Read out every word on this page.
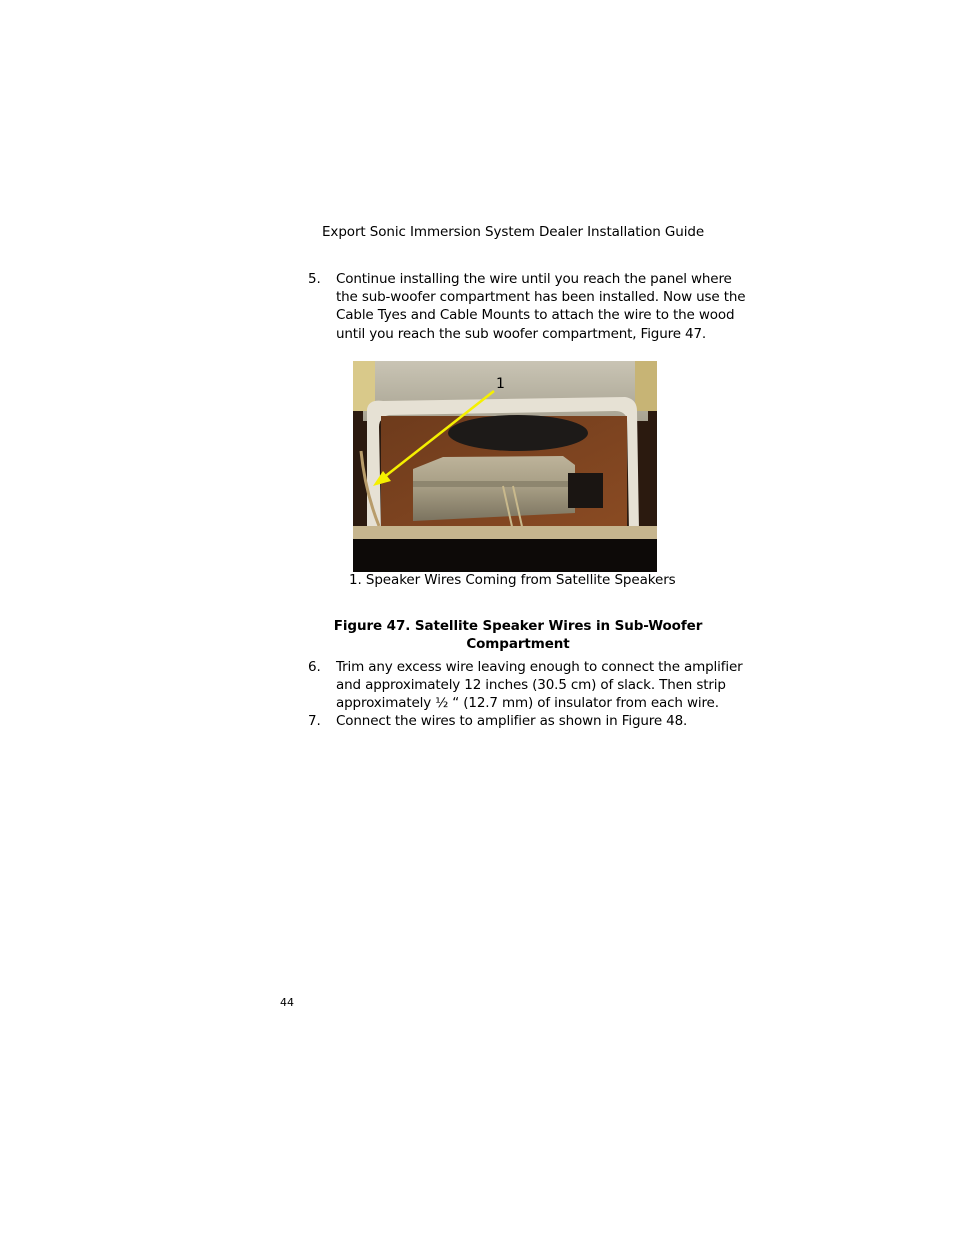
Export Sonic Immersion System Dealer Installation Guide
5.	Continue installing the wire until you reach the panel where
the sub-woofer compartment has been installed. Now use the
Cable Tyes and Cable Mounts to attach the wire to the wood
until you reach the sub woofer compartment, Figure 47.
1
1. Speaker Wires Coming from Satellite Speakers
Figure 47. Satellite Speaker Wires in Sub-Woofer
Compartment
6.	Trim any excess wire leaving enough to connect the amplifier
and approximately 12 inches (30.5 cm) of slack. Then strip
approximately ½ “ (12.7 mm) of insulator from each wire.
7.	Connect the wires to amplifier as shown in Figure 48.
44
